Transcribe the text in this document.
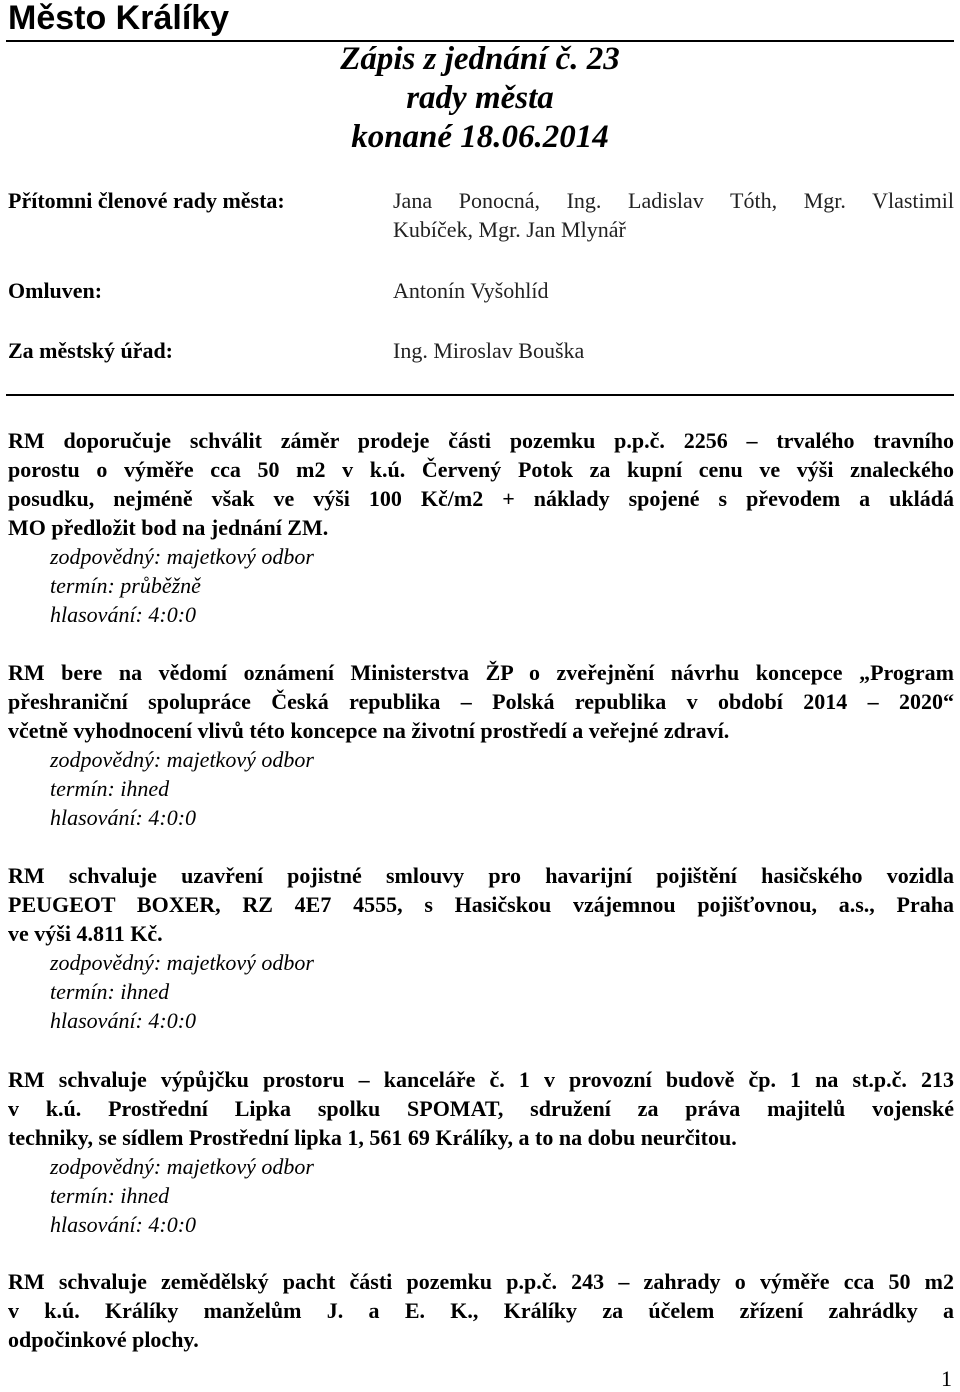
Město Králíky
Zápis z jednání č. 23
rady města
konané 18.06.2014
Přítomni členové rady města:	Jana Ponocná, Ing. Ladislav Tóth, Mgr. Vlastimil
Kubíček, Mgr. Jan Mlynář
Omluven:	Antonín Vyšohlíd
Za městský úřad:	Ing. Miroslav Bouška

RM doporučuje schválit záměr prodeje části pozemku p.p.č. 2256 – trvalého travního
porostu o výměře cca 50 m2 v k.ú. Červený Potok za kupní cenu ve výši znaleckého
posudku, nejméně však ve výši 100 Kč/m2 + náklady spojené s převodem a ukládá
MO předložit bod na jednání ZM.

zodpovědný: majetkový odbor
termín: průběžně
hlasování: 4:0:0

RM bere na vědomí oznámení Ministerstva ŽP o zveřejnění návrhu koncepce „Program
přeshraniční spolupráce Česká republika – Polská republika v období 2014 – 2020“
včetně vyhodnocení vlivů této koncepce na životní prostředí a veřejné zdraví.

zodpovědný: majetkový odbor
termín: ihned
hlasování: 4:0:0

RM schvaluje uzavření pojistné smlouvy pro havarijní pojištění hasičského vozidla
PEUGEOT BOXER, RZ 4E7 4555, s Hasičskou vzájemnou pojišťovnou, a.s., Praha
ve výši 4.811 Kč.

zodpovědný: majetkový odbor
termín: ihned
hlasování: 4:0:0

RM schvaluje výpůjčku prostoru – kanceláře č. 1 v provozní budově čp. 1 na st.p.č. 213
v k.ú. Prostřední Lipka spolku SPOMAT, sdružení za práva majitelů vojenské
techniky, se sídlem Prostřední lipka 1, 561 69 Králíky, a to na dobu neurčitou.

zodpovědný: majetkový odbor
termín: ihned
hlasování: 4:0:0

RM schvaluje zemědělský pacht části pozemku p.p.č. 243 – zahrady o výměře cca 50 m2
v k.ú. Králíky manželům J. a E. K., Králíky za účelem zřízení zahrádky a
odpočinkové plochy.

1
